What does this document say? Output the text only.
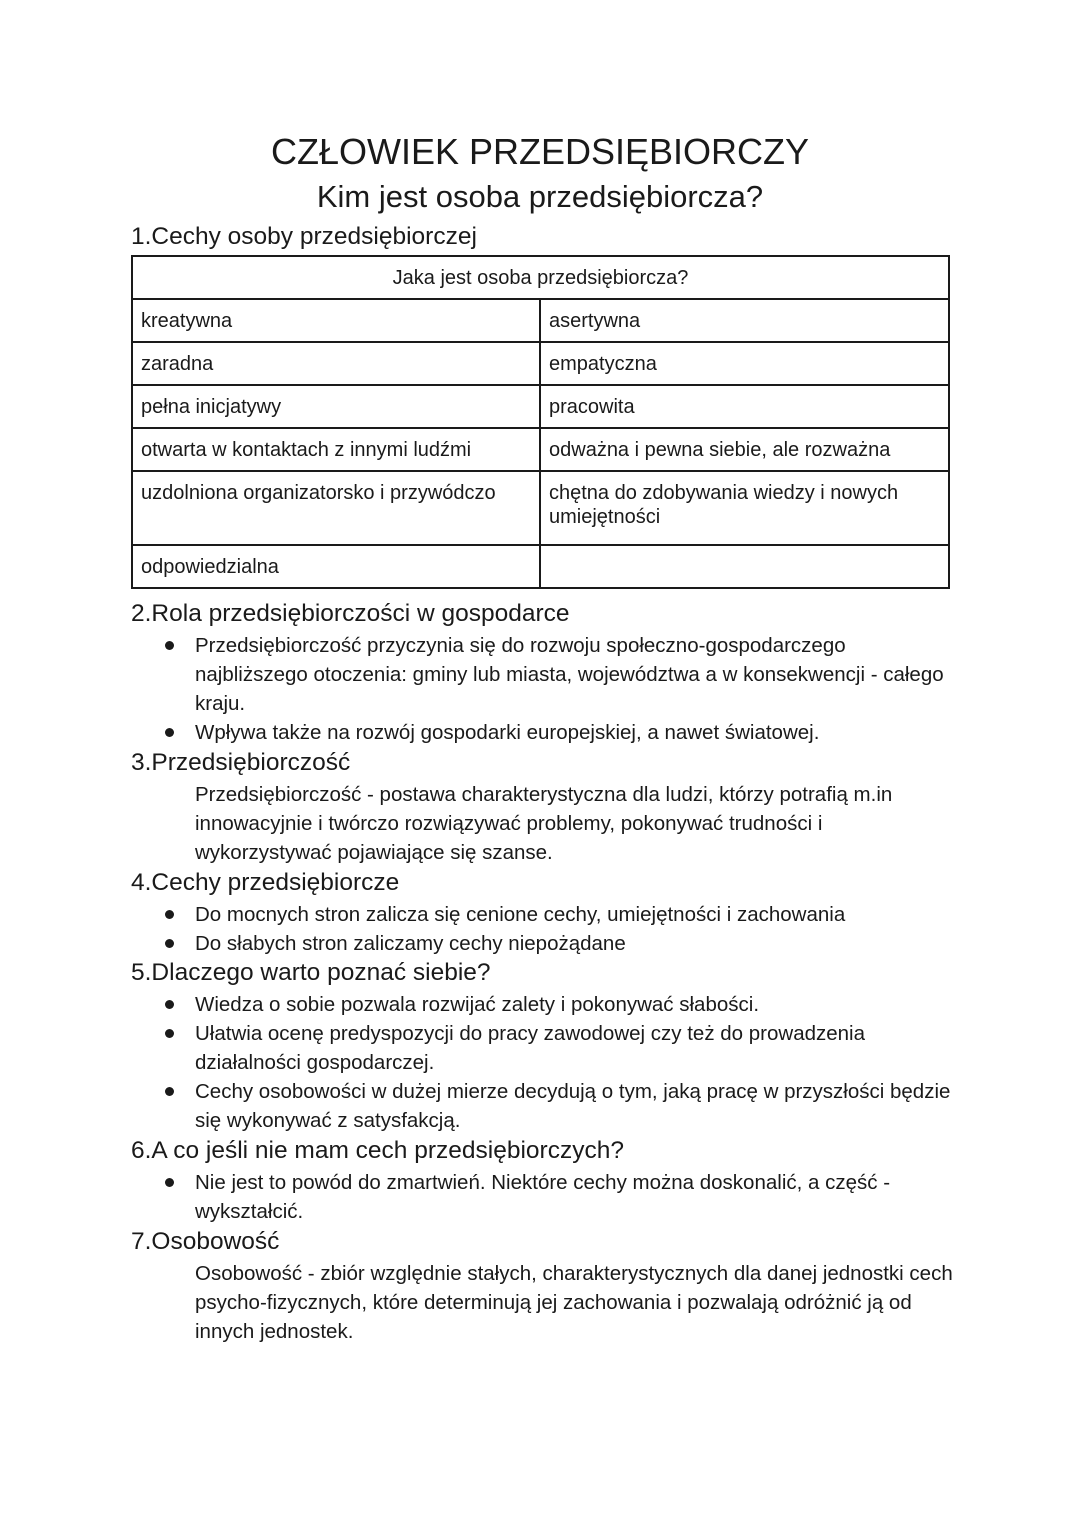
CZŁOWIEK PRZEDSIĘBIORCZY
Kim jest osoba przedsiębiorcza?
1.Cechy osoby przedsiębiorczej
Jaka jest osoba przedsiębiorcza?	
kreatywna	asertywna
zaradna	empatyczna
pełna inicjatywy	pracowita
otwarta w kontaktach z innymi ludźmi	odważna i pewna siebie, ale rozważna
uzdolniona organizatorsko i przywódczo	chętna do zdobywania wiedzy i nowych umiejętności
odpowiedzialna	
2.Rola przedsiębiorczości w gospodarce
Przedsiębiorczość przyczynia się do rozwoju społeczno-gospodarczego najbliższego otoczenia: gminy lub miasta, województwa a w konsekwencji - całego kraju.
Wpływa także na rozwój gospodarki europejskiej, a nawet światowej.
3.Przedsiębiorczość

Przedsiębiorczość - postawa charakterystyczna dla ludzi, którzy potrafią m.in innowacyjnie i twórczo rozwiązywać problemy, pokonywać trudności i wykorzystywać pojawiające się szanse.

4.Cechy przedsiębiorcze
Do mocnych stron zalicza się cenione cechy, umiejętności i zachowania
Do słabych stron zaliczamy cechy niepożądane
5.Dlaczego warto poznać siebie?
Wiedza o sobie pozwala rozwijać zalety i pokonywać słabości.
Ułatwia ocenę predyspozycji do pracy zawodowej czy też do prowadzenia działalności gospodarczej.
Cechy osobowości w dużej mierze decydują o tym, jaką pracę w przyszłości będzie się wykonywać z satysfakcją.
6.A co jeśli nie mam cech przedsiębiorczych?
Nie jest to powód do zmartwień. Niektóre cechy można doskonalić, a część - wykształcić.
7.Osobowość

Osobowość - zbiór względnie stałych, charakterystycznych dla danej jednostki cech psycho-fizycznych, które determinują jej zachowania i pozwalają odróżnić ją od innych jednostek.
